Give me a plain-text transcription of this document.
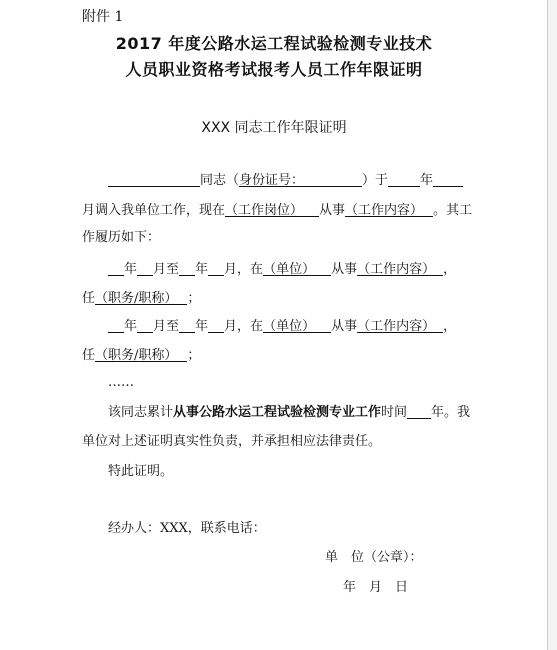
附件 1
2017 年度公路水运工程试验检测专业技术
人员职业资格考试报考人员工作年限证明
XXX 同志工作年限证明
同志（身份证号：	）于 年
月调入我单位工作，现在（工作岗位） 从事（工作内容） 。其工
作履历如下：
年 月至 年 月，在（单位） 从事（工作内容） ，
任（职务/职称） ；
年 月至 年 月，在（单位） 从事（工作内容） ，
任（职务/职称） ；
……
该同志累计从事公路水运工程试验检测专业工作时间 年。我
单位对上述证明真实性负责，并承担相应法律责任。
特此证明。
经办人：XXX，联系电话：
单　位（公章）：
年　月　日
